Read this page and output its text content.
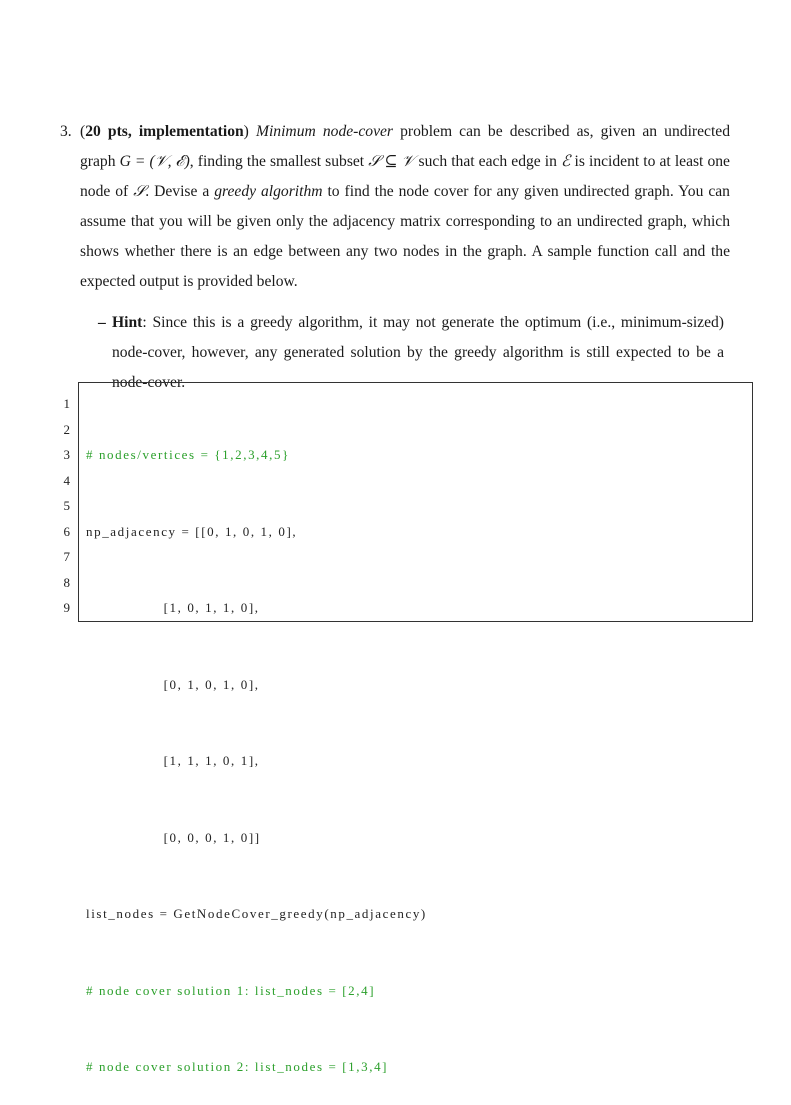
3. (20 pts, implementation) Minimum node-cover problem can be described as, given an undirected graph G = (𝒱, ℰ), finding the smallest subset 𝒮 ⊆ 𝒱 such that each edge in ℰ is incident to at least one node of 𝒮. Devise a greedy algorithm to find the node cover for any given undirected graph. You can assume that you will be given only the adjacency matrix corresponding to an undirected graph, which shows whether there is an edge between any two nodes in the graph. A sample function call and the expected output is provided below.
– Hint: Since this is a greedy algorithm, it may not generate the optimum (i.e., minimum-sized) node-cover, however, any generated solution by the greedy algorithm is still expected to be a node-cover.
1
2
3
4
5
6
7
8
9

# nodes/vertices = {1,2,3,4,5}

np_adjacency = [[0, 1, 0, 1, 0],

[1, 0, 1, 1, 0],

[0, 1, 0, 1, 0],

[1, 1, 1, 0, 1],

[0, 0, 0, 1, 0]]

list_nodes = GetNodeCover_greedy(np_adjacency)

# node cover solution 1: list_nodes = [2,4]

# node cover solution 2: list_nodes = [1,3,4]
